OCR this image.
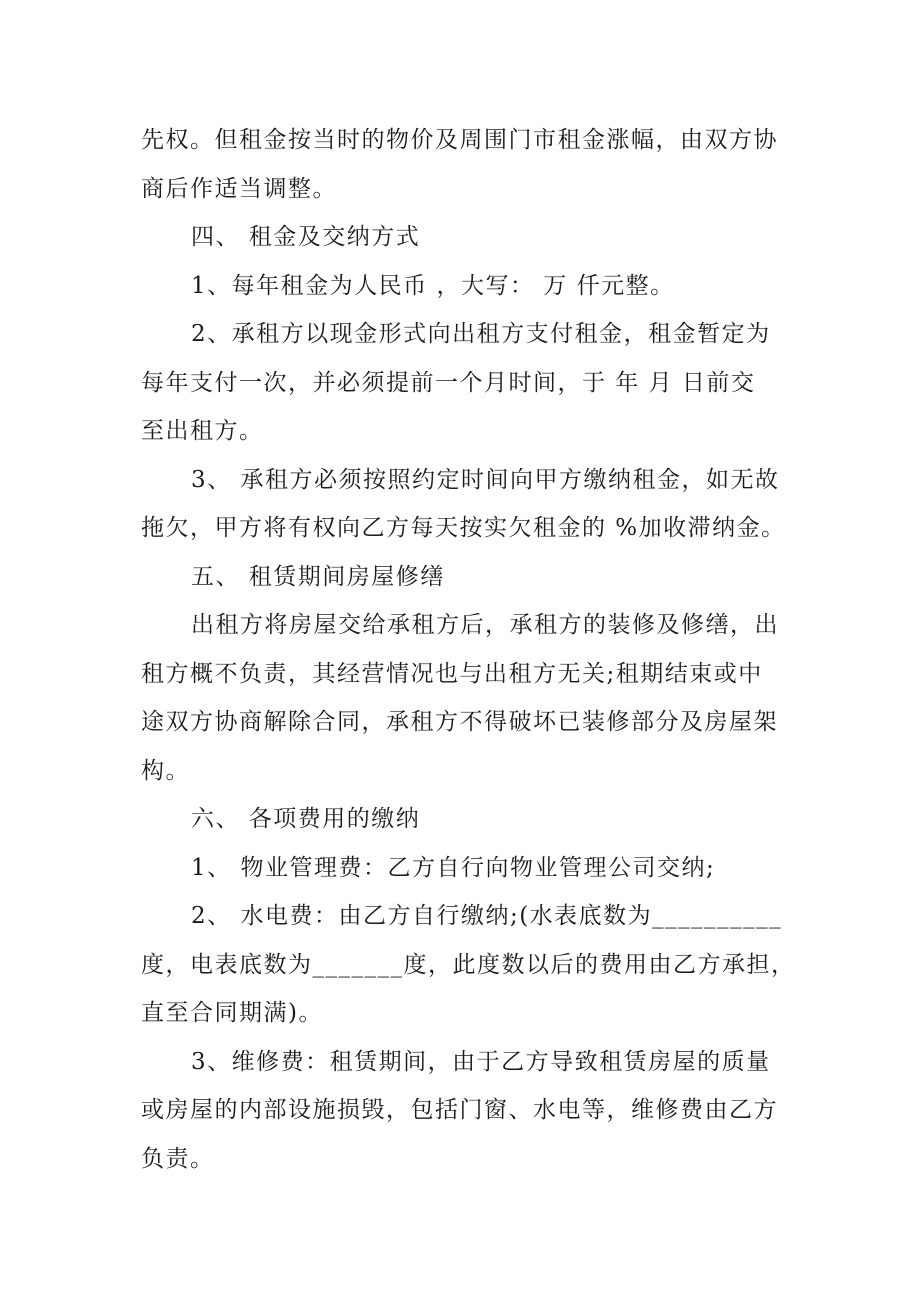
先权。但租金按当时的物价及周围门市租金涨幅，由双方协

商后作适当调整。

四、 租金及交纳方式

1、每年租金为人民币 ，大写： 万 仟元整。

2、承租方以现金形式向出租方支付租金，租金暂定为

每年支付一次，并必须提前一个月时间，于 年 月 日前交

至出租方。

3、 承租方必须按照约定时间向甲方缴纳租金，如无故

拖欠，甲方将有权向乙方每天按实欠租金的 %加收滞纳金。

五、 租赁期间房屋修缮

出租方将房屋交给承租方后，承租方的装修及修缮，出

租方概不负责，其经营情况也与出租方无关;租期结束或中

途双方协商解除合同，承租方不得破坏已装修部分及房屋架

构。

六、 各项费用的缴纳

1、 物业管理费：乙方自行向物业管理公司交纳;

2、 水电费：由乙方自行缴纳;(水表底数为__________

度，电表底数为_______度，此度数以后的费用由乙方承担，

直至合同期满)。

3、维修费：租赁期间，由于乙方导致租赁房屋的质量

或房屋的内部设施损毁，包括门窗、水电等，维修费由乙方

负责。
